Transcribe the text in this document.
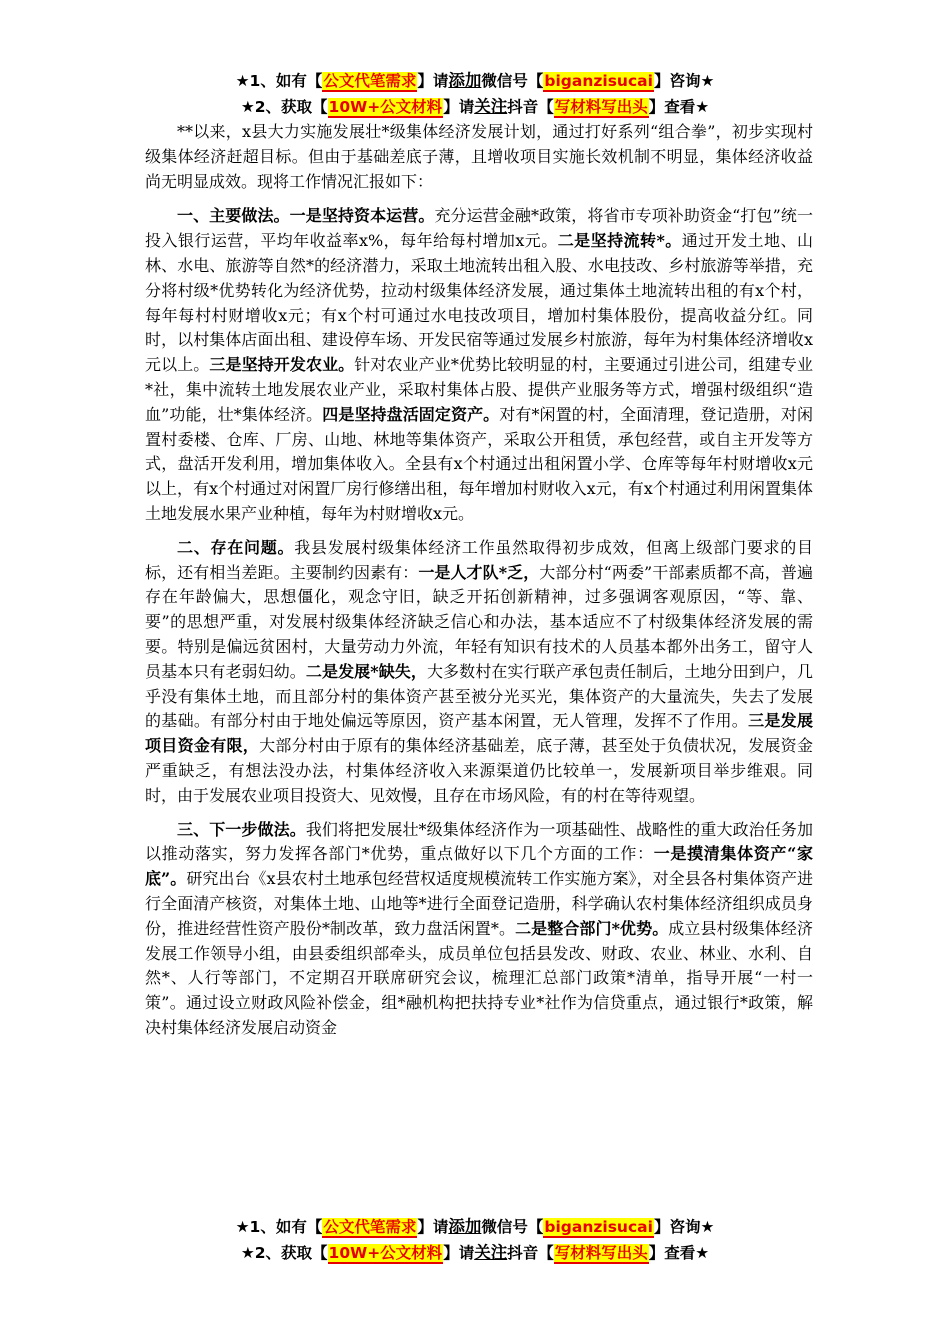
★1、如有【公文代笔需求】请添加微信号【biganzisucai】咨询★
★2、获取【10W+公文材料】请关注抖音【写材料写出头】查看★

**以来，x县大力实施发展壮*级集体经济发展计划，通过打好系列“组合拳”，初步实现村级集体经济赶超目标。但由于基础差底子薄，且增收项目实施长效机制不明显，集体经济收益尚无明显成效。现将工作情况汇报如下：

一、主要做法。一是坚持资本运营。充分运营金融*政策，将省市专项补助资金“打包”统一投入银行运营，平均年收益率x%，每年给每村增加x元。二是坚持流转*。通过开发土地、山林、水电、旅游等自然*的经济潜力，采取土地流转出租入股、水电技改、乡村旅游等举措，充分将村级*优势转化为经济优势，拉动村级集体经济发展，通过集体土地流转出租的有x个村，每年每村村财增收x元；有x个村可通过水电技改项目，增加村集体股份，提高收益分红。同时，以村集体店面出租、建设停车场、开发民宿等通过发展乡村旅游，每年为村集体经济增收x元以上。三是坚持开发农业。针对农业产业*优势比较明显的村，主要通过引进公司，组建专业*社，集中流转土地发展农业产业，采取村集体占股、提供产业服务等方式，增强村级组织“造血”功能，壮*集体经济。四是坚持盘活固定资产。对有*闲置的村，全面清理，登记造册，对闲置村委楼、仓库、厂房、山地、林地等集体资产，采取公开租赁，承包经营，或自主开发等方式，盘活开发利用，增加集体收入。全县有x个村通过出租闲置小学、仓库等每年村财增收x元以上，有x个村通过对闲置厂房行修缮出租，每年增加村财收入x元，有x个村通过利用闲置集体土地发展水果产业种植，每年为村财增收x元。

二、存在问题。我县发展村级集体经济工作虽然取得初步成效，但离上级部门要求的目标，还有相当差距。主要制约因素有：一是人才队*乏，大部分村“两委”干部素质都不高，普遍存在年龄偏大，思想僵化，观念守旧，缺乏开拓创新精神，过多强调客观原因，“等、靠、要”的思想严重，对发展村级集体经济缺乏信心和办法，基本适应不了村级集体经济发展的需要。特别是偏远贫困村，大量劳动力外流，年轻有知识有技术的人员基本都外出务工，留守人员基本只有老弱妇幼。二是发展*缺失，大多数村在实行联产承包责任制后，土地分田到户，几乎没有集体土地，而且部分村的集体资产甚至被分光买光，集体资产的大量流失，失去了发展的基础。有部分村由于地处偏远等原因，资产基本闲置，无人管理，发挥不了作用。三是发展项目资金有限，大部分村由于原有的集体经济基础差，底子薄，甚至处于负债状况，发展资金严重缺乏，有想法没办法，村集体经济收入来源渠道仍比较单一，发展新项目举步维艰。同时，由于发展农业项目投资大、见效慢，且存在市场风险，有的村在等待观望。

三、下一步做法。我们将把发展壮*级集体经济作为一项基础性、战略性的重大政治任务加以推动落实，努力发挥各部门*优势，重点做好以下几个方面的工作：一是摸清集体资产“家底”。研究出台《x县农村土地承包经营权适度规模流转工作实施方案》，对全县各村集体资产进行全面清产核资，对集体土地、山地等*进行全面登记造册，科学确认农村集体经济组织成员身份，推进经营性资产股份*制改革，致力盘活闲置*。二是整合部门*优势。成立县村级集体经济发展工作领导小组，由县委组织部牵头，成员单位包括县发改、财政、农业、林业、水利、自然*、人行等部门，不定期召开联席研究会议，梳理汇总部门政策*清单，指导开展“一村一策”。通过设立财政风险补偿金，组*融机构把扶持专业*社作为信贷重点，通过银行*政策，解决村集体经济发展启动资金

★1、如有【公文代笔需求】请添加微信号【biganzisucai】咨询★
★2、获取【10W+公文材料】请关注抖音【写材料写出头】查看★
